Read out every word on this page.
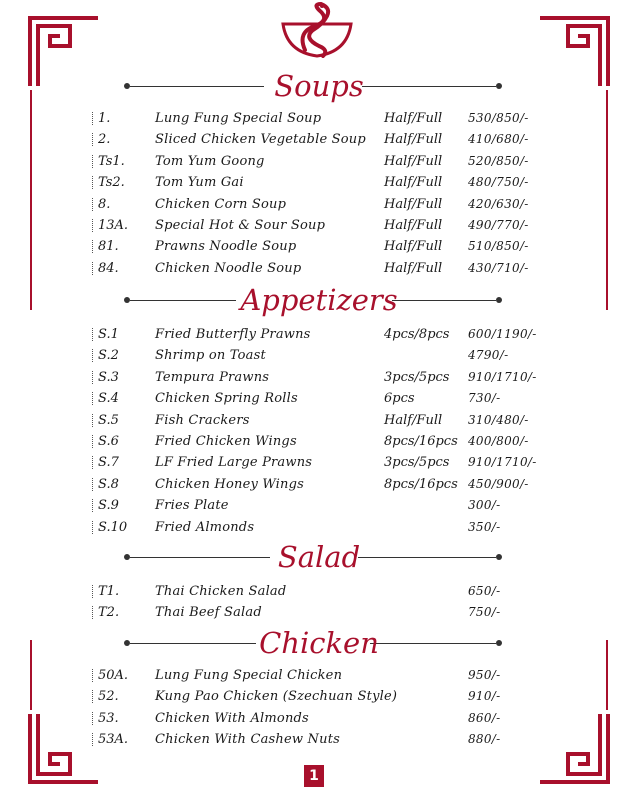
Soups
1.	Lung Fung Special Soup	Half/Full 530/850/-
2.	Sliced Chicken Vegetable Soup Half/Full 410/680/-
Ts1. Tom Yum Goong	Half/Full 520/850/-
Ts2. Tom Yum Gai	Half/Full 480/750/-
8.	Chicken Corn Soup	Half/Full 420/630/-
13A. Special Hot & Sour Soup	Half/Full 490/770/-
81.	Prawns Noodle Soup	Half/Full 510/850/-
84.	Chicken Noodle Soup	Half/Full 430/710/-
Appetizers
S.1	Fried Butterfly Prawns	4pcs/8pcs 600/1190/-
S.2	Shrimp on Toast	4790/-
S.3	Tempura Prawns	3pcs/5pcs 910/1710/-
S.4	Chicken Spring Rolls	6pcs	730/-
S.5	Fish Crackers	Half/Full 310/480/-
S.6	Fried Chicken Wings	8pcs/16pcs 400/800/-
S.7	LF Fried Large Prawns	3pcs/5pcs 910/1710/-
S.8	Chicken Honey Wings	8pcs/16pcs 450/900/-
S.9	Fries Plate	300/-
S.10 Fried Almonds	350/-
Salad
T1.	Thai Chicken Salad	650/-
T2.	Thai Beef Salad	750/-
Chicken
50A. Lung Fung Special Chicken	950/-
52.	Kung Pao Chicken (Szechuan Style)	910/-
53.	Chicken With Almonds	860/-
53A. Chicken With Cashew Nuts	880/-
1
